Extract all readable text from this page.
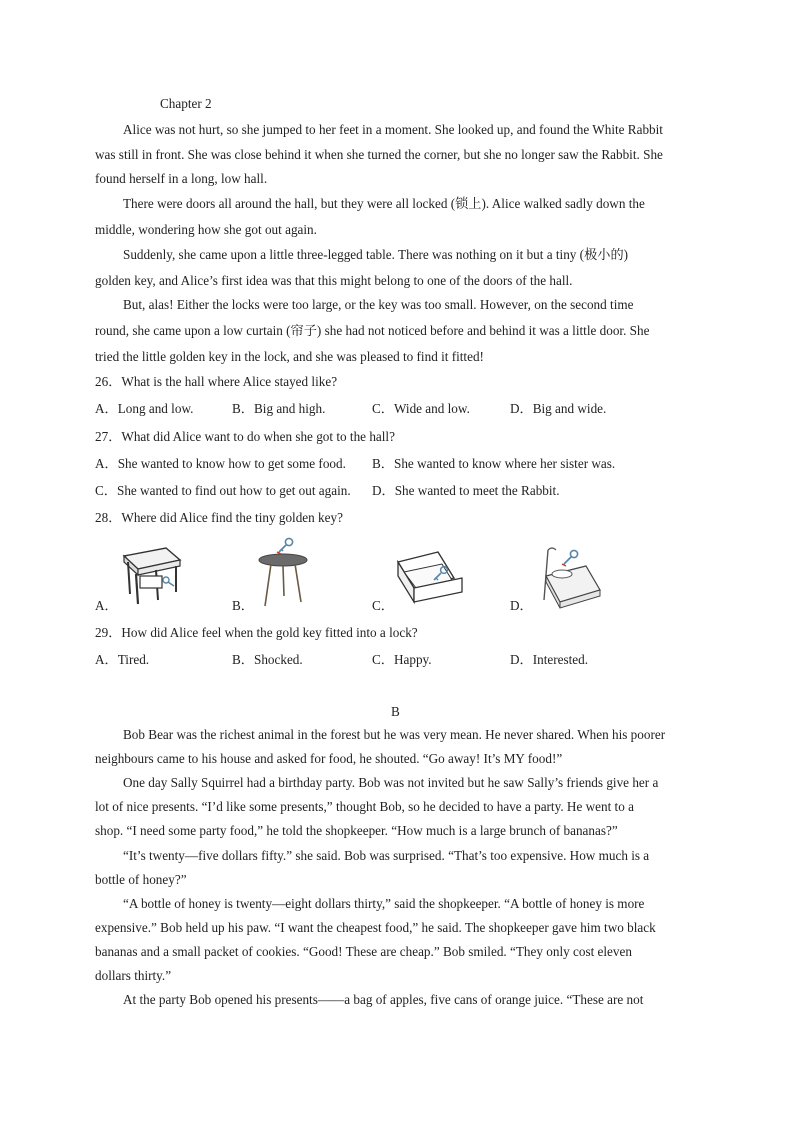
Chapter 2
Alice was not hurt, so she jumped to her feet in a moment. She looked up, and found the White Rabbit
was still in front. She was close behind it when she turned the corner, but she no longer saw the Rabbit. She
found herself in a long, low hall.
There were doors all around the hall, but they were all locked (锁上). Alice walked sadly down the
middle, wondering how she got out again.
Suddenly, she came upon a little three-legged table. There was nothing on it but a tiny (极小的)
golden key, and Alice’s first idea was that this might belong to one of the doors of the hall.
But, alas! Either the locks were too large, or the key was too small. However, on the second time
round, she came upon a low curtain (帘子) she had not noticed before and behind it was a little door. She
tried the little golden key in the lock, and she was pleased to find it fitted!
26．What is the hall where Alice stayed like?
A．Long and low.	B．Big and high.	C．Wide and low.	D．Big and wide.
27．What did Alice want to do when she got to the hall?
A．She wanted to know how to get some food. B．She wanted to know where her sister was.
C．She wanted to find out how to get out again. D．She wanted to meet the Rabbit.
28．Where did Alice find the tiny golden key?
A．	B．	C．	D．
29．How did Alice feel when the gold key fitted into a lock?
A．Tired.	B．Shocked.	C．Happy.	D．Interested.
B
Bob Bear was the richest animal in the forest but he was very mean. He never shared. When his poorer
neighbours came to his house and asked for food, he shouted. “Go away! It’s MY food!”
One day Sally Squirrel had a birthday party. Bob was not invited but he saw Sally’s friends give her a
lot of nice presents. “I’d like some presents,” thought Bob, so he decided to have a party. He went to a
shop. “I need some party food,” he told the shopkeeper. “How much is a large brunch of bananas?”
“It’s twenty—five dollars fifty.” she said. Bob was surprised. “That’s too expensive. How much is a
bottle of honey?”
“A bottle of honey is twenty—eight dollars thirty,” said the shopkeeper. “A bottle of honey is more
expensive.” Bob held up his paw. “I want the cheapest food,” he said. The shopkeeper gave him two black
bananas and a small packet of cookies. “Good! These are cheap.” Bob smiled. “They only cost eleven
dollars thirty.”
At the party Bob opened his presents——a bag of apples, five cans of orange juice. “These are not
